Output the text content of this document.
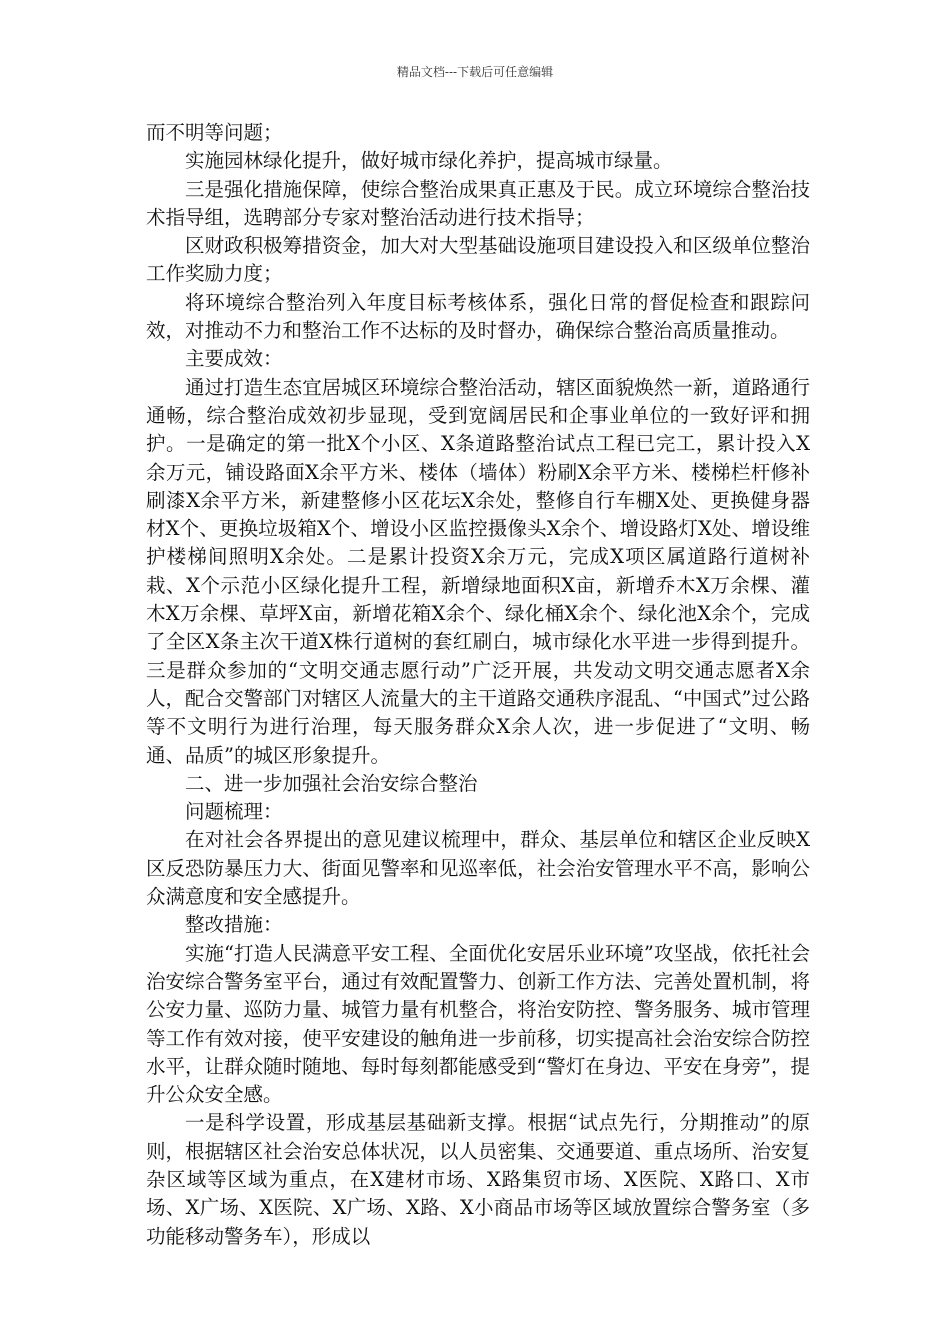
精品文档---下载后可任意编辑

而不明等问题；

实施园林绿化提升，做好城市绿化养护，提高城市绿量。

三是强化措施保障，使综合整治成果真正惠及于民。成立环境综合整治技术指导组，选聘部分专家对整治活动进行技术指导；

区财政积极筹措资金，加大对大型基础设施项目建设投入和区级单位整治工作奖励力度；

将环境综合整治列入年度目标考核体系，强化日常的督促检查和跟踪问效，对推动不力和整治工作不达标的及时督办，确保综合整治高质量推动。

主要成效：

通过打造生态宜居城区环境综合整治活动，辖区面貌焕然一新，道路通行通畅，综合整治成效初步显现，受到宽阔居民和企事业单位的一致好评和拥护。一是确定的第一批X个小区、X条道路整治试点工程已完工，累计投入X余万元，铺设路面X余平方米、楼体（墙体）粉刷X余平方米、楼梯栏杆修补刷漆X余平方米，新建整修小区花坛X余处，整修自行车棚X处、更换健身器材X个、更换垃圾箱X个、增设小区监控摄像头X余个、增设路灯X处、增设维护楼梯间照明X余处。二是累计投资X余万元，完成X项区属道路行道树补栽、X个示范小区绿化提升工程，新增绿地面积X亩，新增乔木X万余棵、灌木X万余棵、草坪X亩，新增花箱X余个、绿化桶X余个、绿化池X余个，完成了全区X条主次干道X株行道树的套红刷白，城市绿化水平进一步得到提升。三是群众参加的“文明交通志愿行动”广泛开展，共发动文明交通志愿者X余人，配合交警部门对辖区人流量大的主干道路交通秩序混乱、“中国式”过公路等不文明行为进行治理，每天服务群众X余人次，进一步促进了“文明、畅通、品质”的城区形象提升。

二、进一步加强社会治安综合整治

问题梳理：

在对社会各界提出的意见建议梳理中，群众、基层单位和辖区企业反映X区反恐防暴压力大、街面见警率和见巡率低，社会治安管理水平不高，影响公众满意度和安全感提升。

整改措施：

实施“打造人民满意平安工程、全面优化安居乐业环境”攻坚战，依托社会治安综合警务室平台，通过有效配置警力、创新工作方法、完善处置机制，将公安力量、巡防力量、城管力量有机整合，将治安防控、警务服务、城市管理等工作有效对接，使平安建设的触角进一步前移，切实提高社会治安综合防控水平，让群众随时随地、每时每刻都能感受到“警灯在身边、平安在身旁”，提升公众安全感。

一是科学设置，形成基层基础新支撑。根据“试点先行，分期推动”的原则，根据辖区社会治安总体状况，以人员密集、交通要道、重点场所、治安复杂区域等区域为重点，在X建材市场、X路集贸市场、X医院、X路口、X市场、X广场、X医院、X广场、X路、X小商品市场等区域放置综合警务室（多功能移动警务车），形成以
